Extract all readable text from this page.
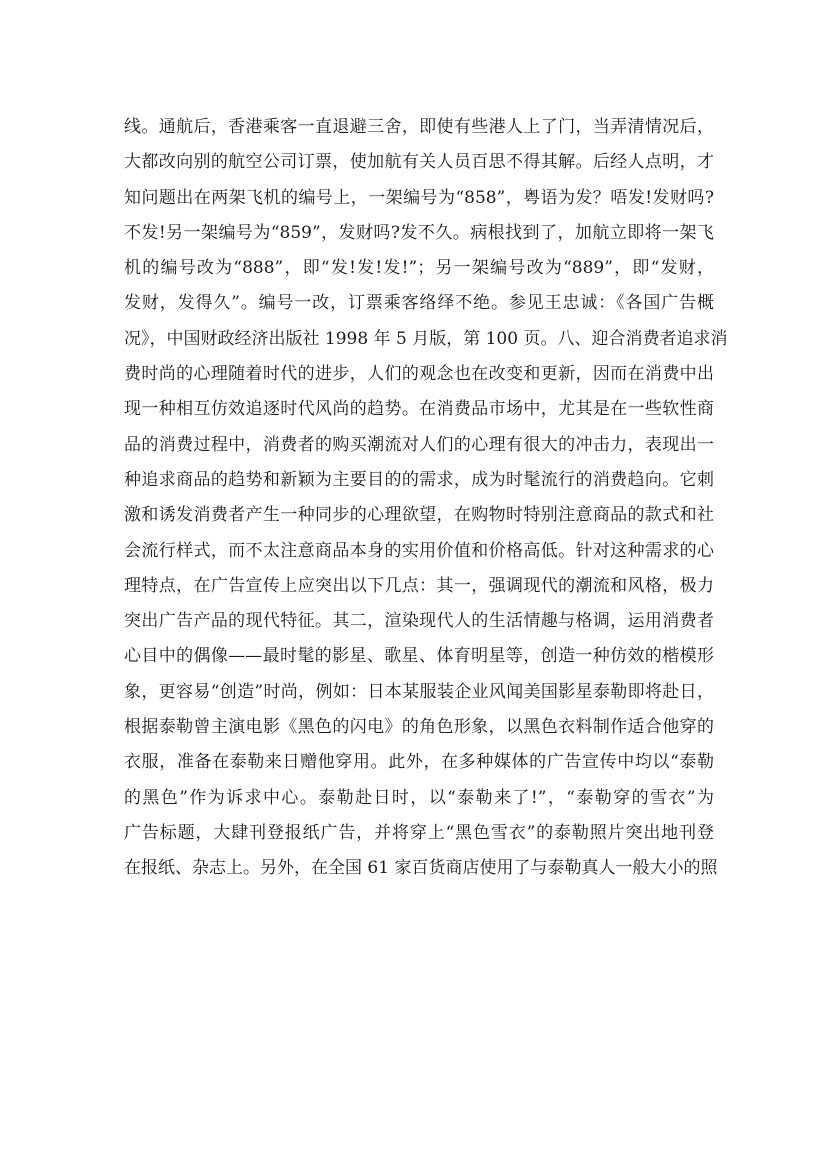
线。通航后，香港乘客一直退避三舍，即使有些港人上了门，当弄清情况后，
大都改向别的航空公司订票，使加航有关人员百思不得其解。后经人点明，才
知问题出在两架飞机的编号上，一架编号为“858”，粤语为发？唔发!发财吗?
不发!另一架编号为“859”，发财吗?发不久。病根找到了，加航立即将一架飞
机的编号改为“888”，即“发!发!发!”；另一架编号改为“889”，即“发财，
发财，发得久”。编号一改，订票乘客络绎不绝。参见王忠诚：《各国广告概
况》，中国财政经济出版社 1998 年 5 月版，第 100 页。八、迎合消费者追求消
费时尚的心理随着时代的进步，人们的观念也在改变和更新，因而在消费中出
现一种相互仿效追逐时代风尚的趋势。在消费品市场中，尤其是在一些软性商
品的消费过程中，消费者的购买潮流对人们的心理有很大的冲击力，表现出一
种追求商品的趋势和新颖为主要目的的需求，成为时髦流行的消费趋向。它刺
激和诱发消费者产生一种同步的心理欲望，在购物时特别注意商品的款式和社
会流行样式，而不太注意商品本身的实用价值和价格高低。针对这种需求的心
理特点，在广告宣传上应突出以下几点：其一，强调现代的潮流和风格，极力
突出广告产品的现代特征。其二，渲染现代人的生活情趣与格调，运用消费者
心目中的偶像——最时髦的影星、歌星、体育明星等，创造一种仿效的楷模形
象，更容易“创造”时尚，例如：日本某服装企业风闻美国影星泰勒即将赴日，
根据泰勒曾主演电影《黑色的闪电》的角色形象，以黑色衣料制作适合他穿的
衣服，准备在泰勒来日赠他穿用。此外，在多种媒体的广告宣传中均以“泰勒
的黑色”作为诉求中心。泰勒赴日时，以“泰勒来了!”，“泰勒穿的雪衣”为
广告标题，大肆刊登报纸广告，并将穿上“黑色雪衣”的泰勒照片突出地刊登
在报纸、杂志上。另外，在全国 61 家百货商店使用了与泰勒真人一般大小的照
